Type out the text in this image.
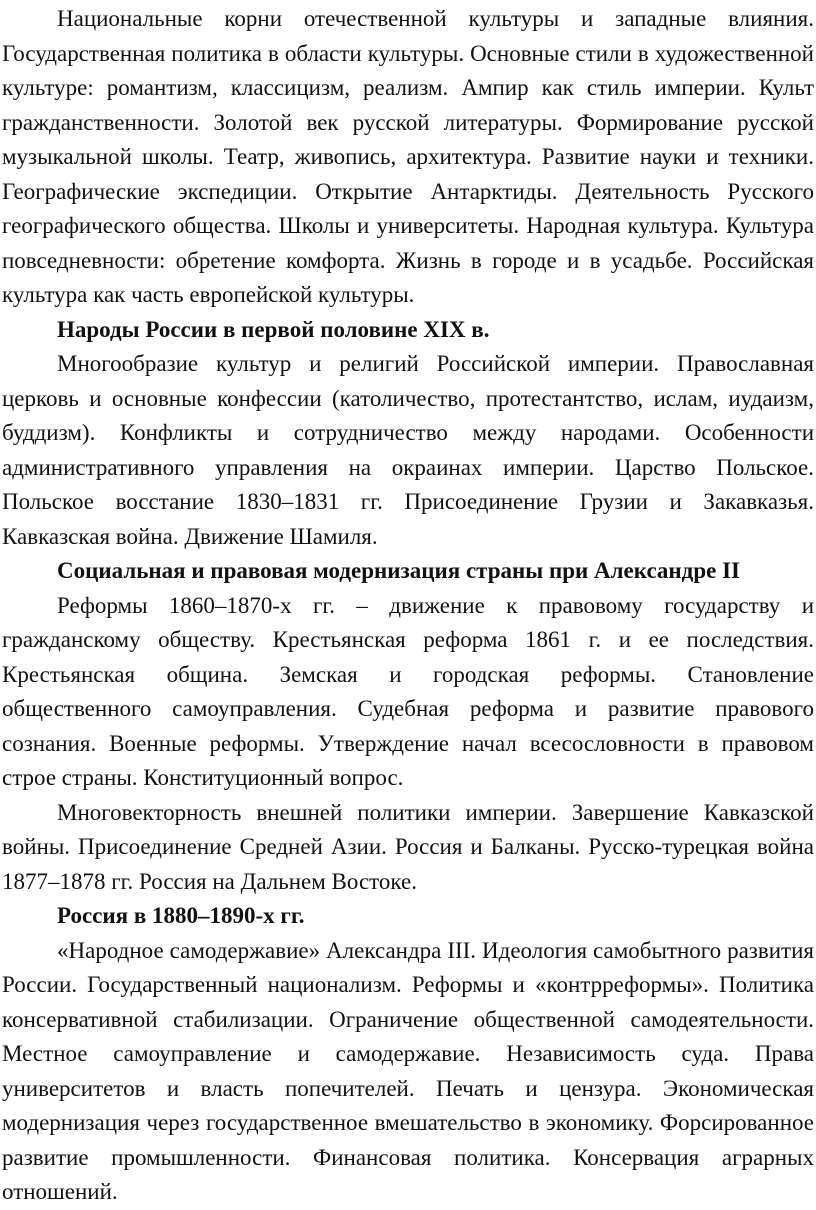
Национальные корни отечественной культуры и западные влияния. Государственная политика в области культуры. Основные стили в художественной культуре: романтизм, классицизм, реализм. Ампир как стиль империи. Культ гражданственности. Золотой век русской литературы. Формирование русской музыкальной школы. Театр, живопись, архитектура. Развитие науки и техники. Географические экспедиции. Открытие Антарктиды. Деятельность Русского географического общества. Школы и университеты. Народная культура. Культура повседневности: обретение комфорта. Жизнь в городе и в усадьбе. Российская культура как часть европейской культуры.

Народы России в первой половине XIX в.

Многообразие культур и религий Российской империи. Православная церковь и основные конфессии (католичество, протестантство, ислам, иудаизм, буддизм). Конфликты и сотрудничество между народами. Особенности административного управления на окраинах империи. Царство Польское. Польское восстание 1830–1831 гг. Присоединение Грузии и Закавказья. Кавказская война. Движение Шамиля.

Социальная и правовая модернизация страны при Александре II

Реформы 1860–1870-х гг. – движение к правовому государству и гражданскому обществу. Крестьянская реформа 1861 г. и ее последствия. Крестьянская община. Земская и городская реформы. Становление общественного самоуправления. Судебная реформа и развитие правового сознания. Военные реформы. Утверждение начал всесословности в правовом строе страны. Конституционный вопрос.

Многовекторность внешней политики империи. Завершение Кавказской войны. Присоединение Средней Азии. Россия и Балканы. Русско-турецкая война 1877–1878 гг. Россия на Дальнем Востоке.

Россия в 1880–1890-х гг.

«Народное самодержавие» Александра III. Идеология самобытного развития России. Государственный национализм. Реформы и «контрреформы». Политика консервативной стабилизации. Ограничение общественной самодеятельности. Местное самоуправление и самодержавие. Независимость суда. Права университетов и власть попечителей. Печать и цензура. Экономическая модернизация через государственное вмешательство в экономику. Форсированное развитие промышленности. Финансовая политика. Консервация аграрных отношений.
